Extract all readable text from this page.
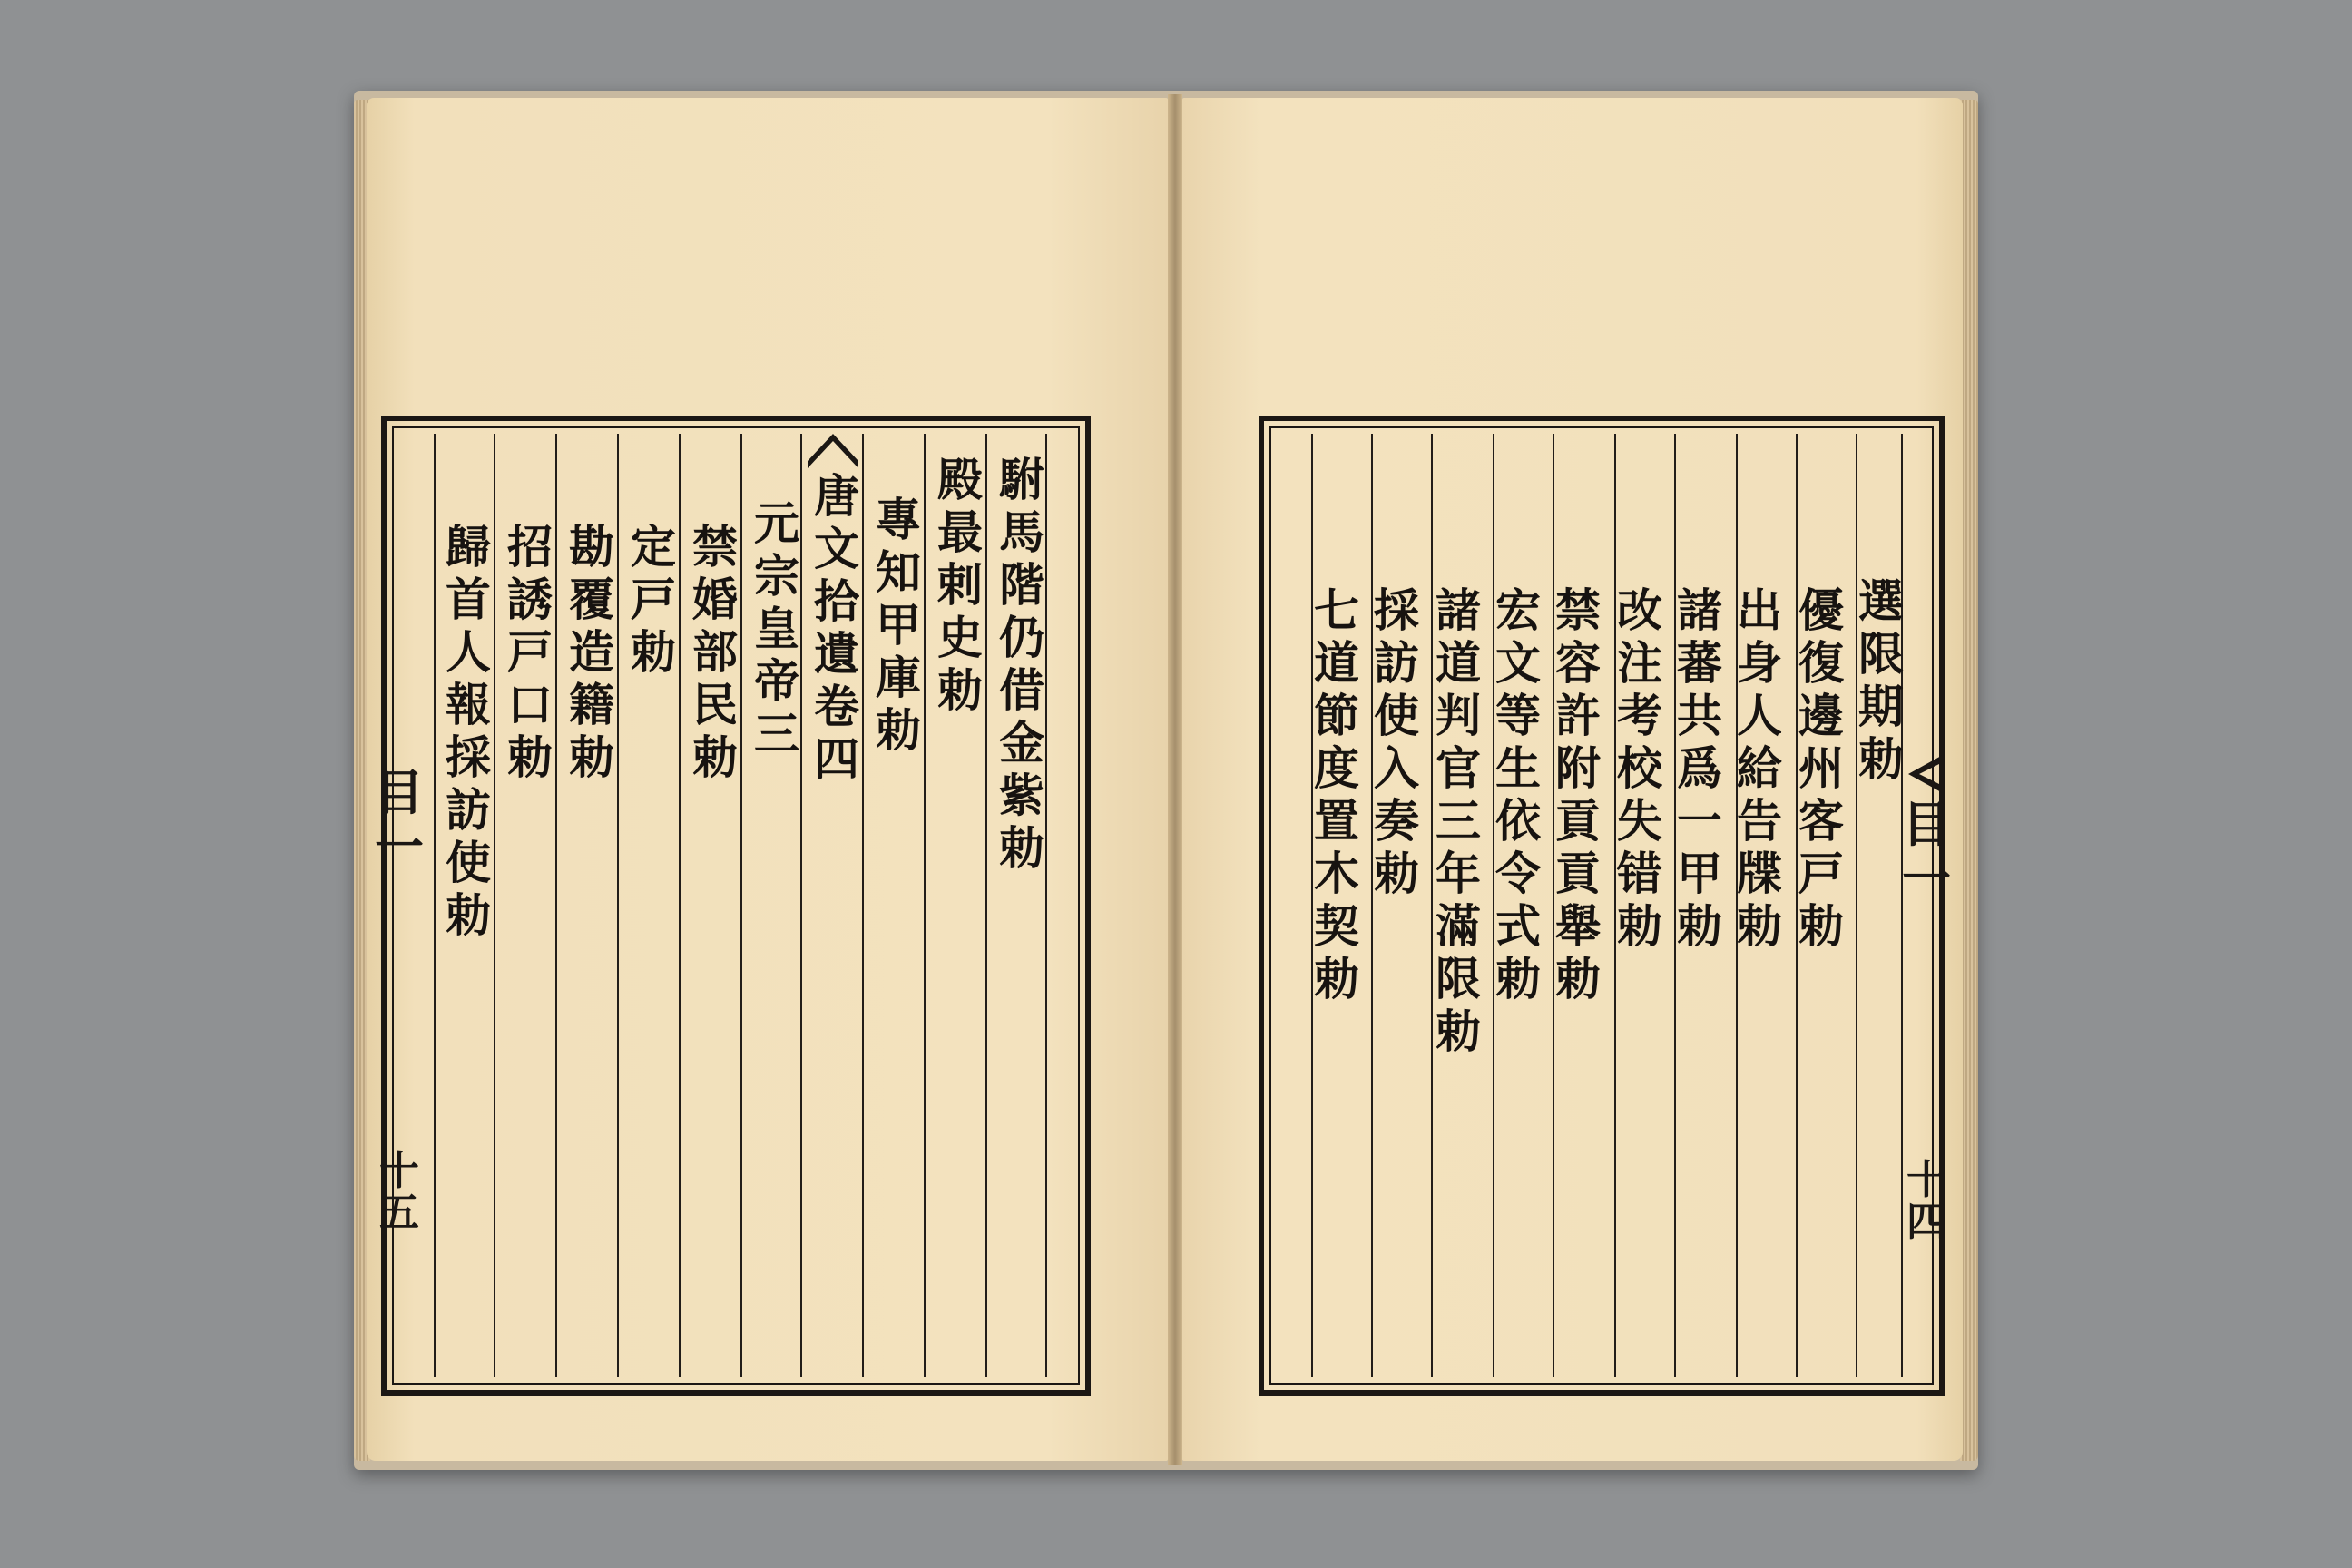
駙
馬
階
仍
借
金
紫
勅
殿
最
剌
史
勅
專
知
甲
庫
勅
唐
文
拾
遺
卷
四
元
宗
皇
帝
三
禁
婚
部
民
勅
定
戸
勅
勘
覆
造
籍
勅
招
誘
戸
口
勅
歸
首
人
報
採
訪
使
勅
目
一
十
五
選
限
期
勅
優
復
邊
州
客
戸
勅
出
身
人
給
告
牒
勅
諸
蕃
共
爲
一
甲
勅
改
注
考
校
失
错
勅
禁
容
許
附
貢
貢
舉
勅
宏
文
等
生
依
令
式
勅
諸
道
判
官
三
年
滿
限
勅
採
訪
使
入
奏
勅
七
道
節
度
置
木
契
勅
目
一
十
四
